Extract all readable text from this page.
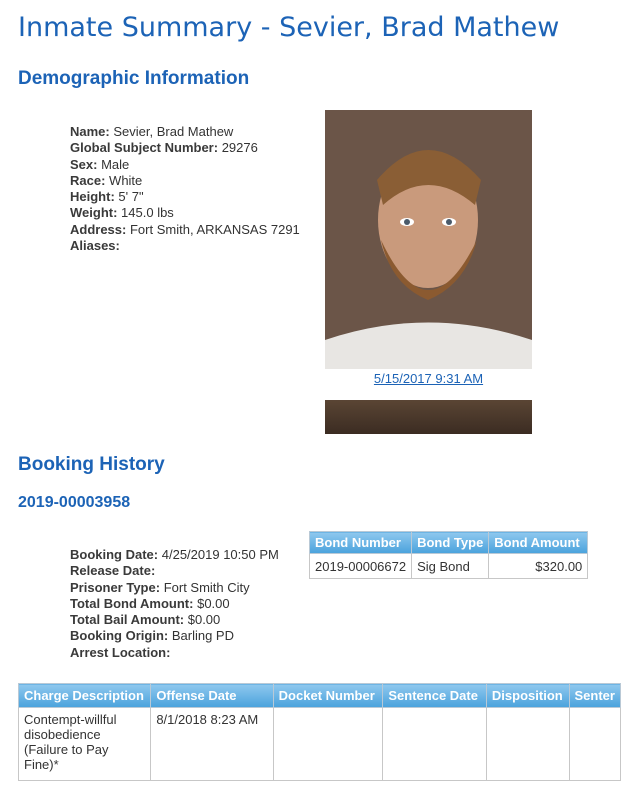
Inmate Summary - Sevier, Brad Mathew
Demographic Information
Name: Sevier, Brad Mathew
Global Subject Number: 29276
Sex: Male
Race: White
Height: 5' 7"
Weight: 145.0 lbs
Address: Fort Smith, ARKANSAS 7291
Aliases:
5/15/2017 9:31 AM
Booking History
2019-00003958
Booking Date: 4/25/2019 10:50 PM
Release Date:
Prisoner Type: Fort Smith City
Total Bond Amount: $0.00
Total Bail Amount: $0.00
Booking Origin: Barling PD
Arrest Location:
Bond Number	Bond Type	Bond Amount
2019-00006672	Sig Bond	$320.00
Charge Description	Offense Date	Docket Number	Sentence Date	Disposition	Senter
Contempt-willful disobedience (Failure to Pay Fine)*	8/1/2018 8:23 AM				
